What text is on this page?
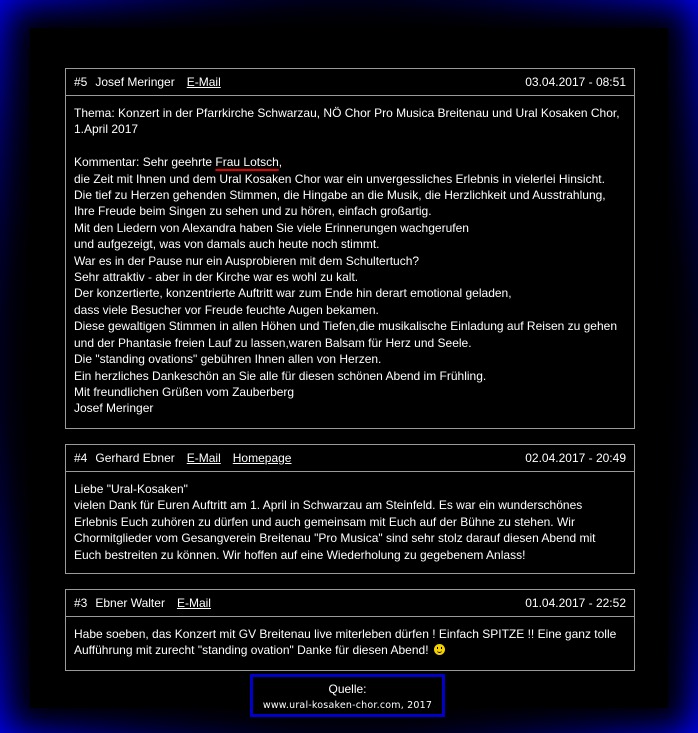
#5 Josef Meringer E-Mail	03.04.2017 - 08:51
Thema: Konzert in der Pfarrkirche Schwarzau, NÖ Chor Pro Musica Breitenau und Ural Kosaken Chor, 1.April 2017

Kommentar: Sehr geehrte Frau Lotsch,
die Zeit mit Ihnen und dem Ural Kosaken Chor war ein unvergessliches Erlebnis in vielerlei Hinsicht.
Die tief zu Herzen gehenden Stimmen, die Hingabe an die Musik, die Herzlichkeit und Ausstrahlung,
Ihre Freude beim Singen zu sehen und zu hören, einfach großartig.
Mit den Liedern von Alexandra haben Sie viele Erinnerungen wachgerufen
und aufgezeigt, was von damals auch heute noch stimmt.
War es in der Pause nur ein Ausprobieren mit dem Schultertuch?
Sehr attraktiv - aber in der Kirche war es wohl zu kalt.
Der konzertierte, konzentrierte Auftritt war zum Ende hin derart emotional geladen,
dass viele Besucher vor Freude feuchte Augen bekamen.
Diese gewaltigen Stimmen in allen Höhen und Tiefen,die musikalische Einladung auf Reisen zu gehen
und der Phantasie freien Lauf zu lassen,waren Balsam für Herz und Seele.
Die "standing ovations" gebühren Ihnen allen von Herzen.
Ein herzliches Dankeschön an Sie alle für diesen schönen Abend im Frühling.
Mit freundlichen Grüßen vom Zauberberg
Josef Meringer
#4 Gerhard Ebner E-Mail Homepage	02.04.2017 - 20:49
Liebe "Ural-Kosaken"
vielen Dank für Euren Auftritt am 1. April in Schwarzau am Steinfeld. Es war ein wunderschönes Erlebnis Euch zuhören zu dürfen und auch gemeinsam mit Euch auf der Bühne zu stehen. Wir Chormitglieder vom Gesangverein Breitenau "Pro Musica" sind sehr stolz darauf diesen Abend mit Euch bestreiten zu können. Wir hoffen auf eine Wiederholung zu gegebenem Anlass!
#3 Ebner Walter E-Mail	01.04.2017 - 22:52
Habe soeben, das Konzert mit GV Breitenau live miterleben dürfen ! Einfach SPITZE !! Eine ganz tolle Aufführung mit zurecht "standing ovation" Danke für diesen Abend!
Quelle:
www.ural-kosaken-chor.com, 2017
